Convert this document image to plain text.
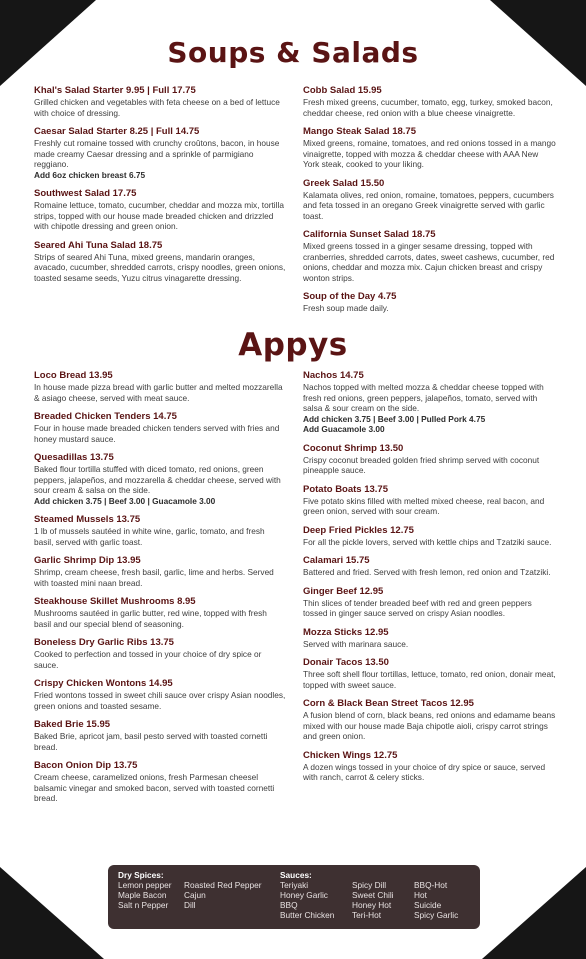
Soups & Salads
Khal's Salad Starter 9.95 | Full 17.75
Grilled chicken and vegetables with feta cheese on a bed of lettuce with choice of dressing.
Caesar Salad Starter 8.25 | Full 14.75
Freshly cut romaine tossed with crunchy croûtons, bacon, in house made creamy Caesar dressing and a sprinkle of parmigiano reggiano.
Add 6oz chicken breast 6.75
Southwest Salad 17.75
Romaine lettuce, tomato, cucumber, cheddar and mozza mix, tortilla strips, topped with our house made breaded chicken and drizzled with chipotle dressing and green onion.
Seared Ahi Tuna Salad 18.75
Strips of seared Ahi Tuna, mixed greens, mandarin oranges, avacado, cucumber, shredded carrots, crispy noodles, green onions, toasted sesame seeds, Yuzu citrus vinagarette dressing.
Cobb Salad 15.95
Fresh mixed greens, cucumber, tomato, egg, turkey, smoked bacon, cheddar cheese, red onion with a blue cheese vinaigrette.
Mango Steak Salad 18.75
Mixed greens, romaine, tomatoes, and red onions tossed in a mango vinaigrette, topped with mozza & cheddar cheese with AAA New York steak, cooked to your liking.
Greek Salad 15.50
Kalamata olives, red onion, romaine, tomatoes, peppers, cucumbers and feta tossed in an oregano Greek vinaigrette served with garlic toast.
California Sunset Salad 18.75
Mixed greens tossed in a ginger sesame dressing, topped with cranberries, shredded carrots, dates, sweet cashews, cucumber, red onions, cheddar and mozza mix. Cajun chicken breast and crispy wonton strips.
Soup of the Day 4.75
Fresh soup made daily.
Appys
Loco Bread 13.95
In house made pizza bread with garlic butter and melted mozzarella & asiago cheese, served with meat sauce.
Breaded Chicken Tenders 14.75
Four in house made breaded chicken tenders served with fries and honey mustard sauce.
Quesadillas 13.75
Baked flour tortilla stuffed with diced tomato, red onions, green peppers, jalapeños, and mozzarella & cheddar cheese, served with sour cream & salsa on the side.
Add chicken 3.75 | Beef 3.00 | Guacamole 3.00
Steamed Mussels 13.75
1 lb of mussels sautéed in white wine, garlic, tomato, and fresh basil, served with garlic toast.
Garlic Shrimp Dip 13.95
Shrimp, cream cheese, fresh basil, garlic, lime and herbs. Served with toasted mini naan bread.
Steakhouse Skillet Mushrooms 8.95
Mushrooms sautéed in garlic butter, red wine, topped with fresh basil and our special blend of seasoning.
Boneless Dry Garlic Ribs 13.75
Cooked to perfection and tossed in your choice of dry spice or sauce.
Crispy Chicken Wontons 14.95
Fried wontons tossed in sweet chili sauce over crispy Asian noodles, green onions and toasted sesame.
Baked Brie 15.95
Baked Brie, apricot jam, basil pesto served with toasted cornetti bread.
Bacon Onion Dip 13.75
Cream cheese, caramelized onions, fresh Parmesan cheesel balsamic vinegar and smoked bacon, served with toasted cornetti bread.
Nachos 14.75
Nachos topped with melted mozza & cheddar cheese topped with fresh red onions, green peppers, jalapeños, tomato, served with salsa & sour cream on the side.
Add chicken 3.75 | Beef 3.00 | Pulled Pork 4.75
Add Guacamole 3.00
Coconut Shrimp 13.50
Crispy coconut breaded golden fried shrimp served with coconut pineapple sauce.
Potato Boats 13.75
Five potato skins filled with melted mixed cheese, real bacon, and green onion, served with sour cream.
Deep Fried Pickles 12.75
For all the pickle lovers, served with kettle chips and Tzatziki sauce.
Calamari 15.75
Battered and fried. Served with fresh lemon, red onion and Tzatziki.
Ginger Beef 12.95
Thin slices of tender breaded beef with red and green peppers tossed in ginger sauce served on crispy Asian noodles.
Mozza Sticks 12.95
Served with marinara sauce.
Donair Tacos 13.50
Three soft shell flour tortillas, lettuce, tomato, red onion, donair meat, topped with sweet sauce.
Corn & Black Bean Street Tacos 12.95
A fusion blend of corn, black beans, red onions and edamame beans mixed with our house made Baja chipotle aioli, crispy carrot strings and green onion.
Chicken Wings 12.75
A dozen wings tossed in your choice of dry spice or sauce, served with ranch, carrot & celery sticks.
Dry Spices:
Lemon pepper
Maple Bacon
Salt n Pepper
Roasted Red Pepper
Cajun
Dill
Sauces:
Teriyaki
Honey Garlic
BBQ
Butter Chicken
Spicy Dill
Sweet Chili
Honey Hot
Teri-Hot
BBQ-Hot
Hot
Suicide
Spicy Garlic
